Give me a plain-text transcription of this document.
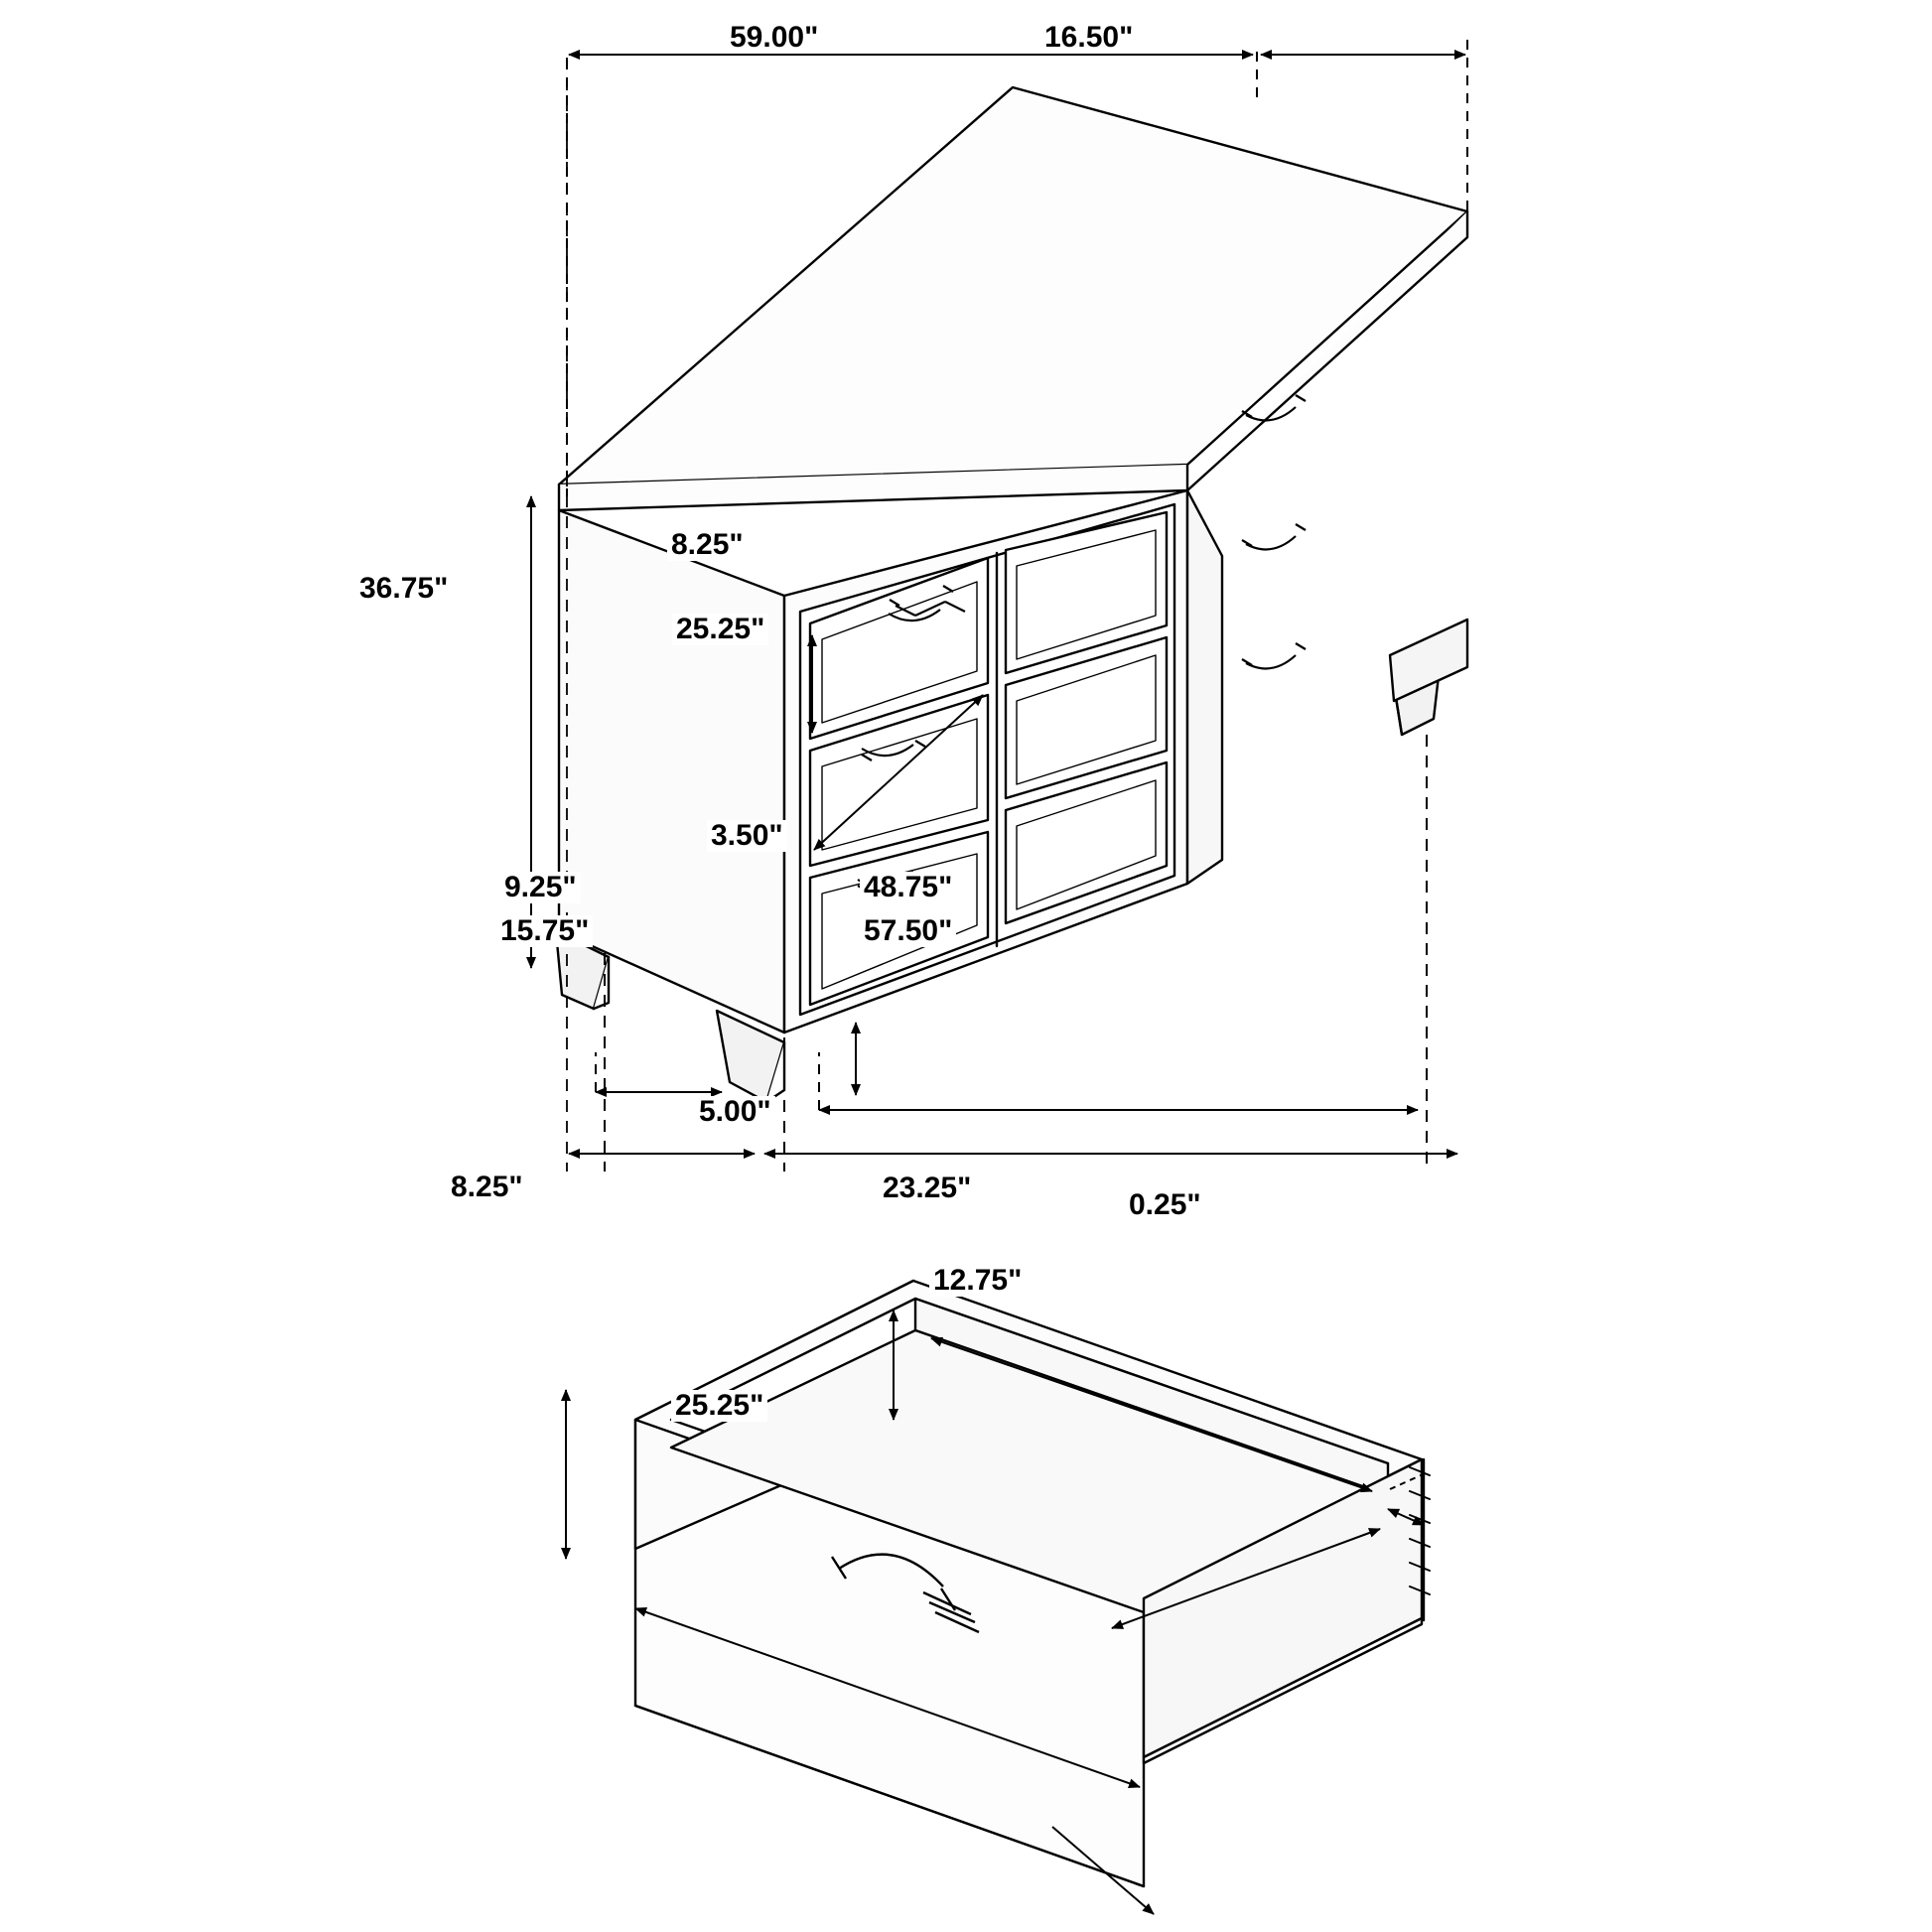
59.00"	16.50"
36.75"
8.25"
25.25"
3.50"
9.25"
15.75"
48.75"
57.50"
5.00"
23.25"
8.25"
0.25"
12.75"
25.25"
